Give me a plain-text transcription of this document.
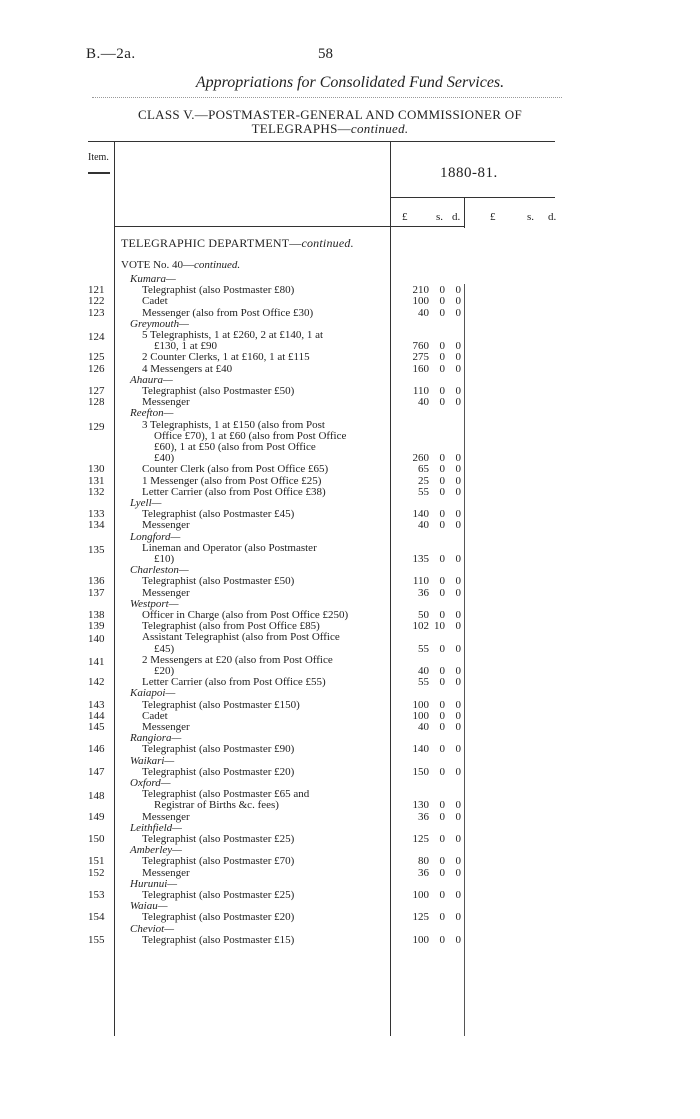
B.—2a.	58
Appropriations for Consolidated Fund Services.
CLASS V.—POSTMASTER-GENERAL AND COMMISSIONER OF
TELEGRAPHS—continued.
Item.
1880-81.
£	s. d.	£	s. d.
TELEGRAPHIC DEPARTMENT—continued.
VOTE No. 40—continued.
Kumara—
121	Telegraphist (also Postmaster £80)	210 0 0
122	Cadet	100 0 0
123	Messenger (also from Post Office £30)	40 0 0
Greymouth—
124	5 Telegraphists, 1 at £260, 2 at £140, 1 at
£130, 1 at £90	760 0 0
125	2 Counter Clerks, 1 at £160, 1 at £115	275 0 0
126	4 Messengers at £40	160 0 0
Ahaura—
127	Telegraphist (also Postmaster £50)	110 0 0
128	Messenger	40 0 0
Reefton—
129	3 Telegraphists, 1 at £150 (also from Post
Office £70), 1 at £60 (also from Post Office
£60), 1 at £50 (also from Post Office
£40)	260 0 0
130	Counter Clerk (also from Post Office £65)	65 0 0
131	1 Messenger (also from Post Office £25)	25 0 0
132	Letter Carrier (also from Post Office £38)	55 0 0
Lyell—
133	Telegraphist (also Postmaster £45)	140 0 0
134	Messenger	40 0 0
Longford—
135	Lineman and Operator (also Postmaster
£10)	135 0 0
Charleston—
136	Telegraphist (also Postmaster £50)	110 0 0
137	Messenger	36 0 0
Westport—
138	Officer in Charge (also from Post Office £250)	50 0 0
139	Telegraphist (also from Post Office £85)	102 10 0
140	Assistant Telegraphist (also from Post Office
£45)	55 0 0
141	2 Messengers at £20 (also from Post Office
£20)	40 0 0
142	Letter Carrier (also from Post Office £55)	55 0 0
Kaiapoi—
143	Telegraphist (also Postmaster £150)	100 0 0
144	Cadet	100 0 0
145	Messenger	40 0 0
Rangiora—
146	Telegraphist (also Postmaster £90)	140 0 0
Waikari—
147	Telegraphist (also Postmaster £20)	150 0 0
Oxford—
148	Telegraphist (also Postmaster £65 and
Registrar of Births &c. fees)	130 0 0
149	Messenger	36 0 0
Leithfield—
150	Telegraphist (also Postmaster £25)	125 0 0
Amberley—
151	Telegraphist (also Postmaster £70)	80 0 0
152	Messenger	36 0 0
Hurunui—
153	Telegraphist (also Postmaster £25)	100 0 0
Waiau—
154	Telegraphist (also Postmaster £20)	125 0 0
Cheviot—
155	Telegraphist (also Postmaster £15)	100 0 0
